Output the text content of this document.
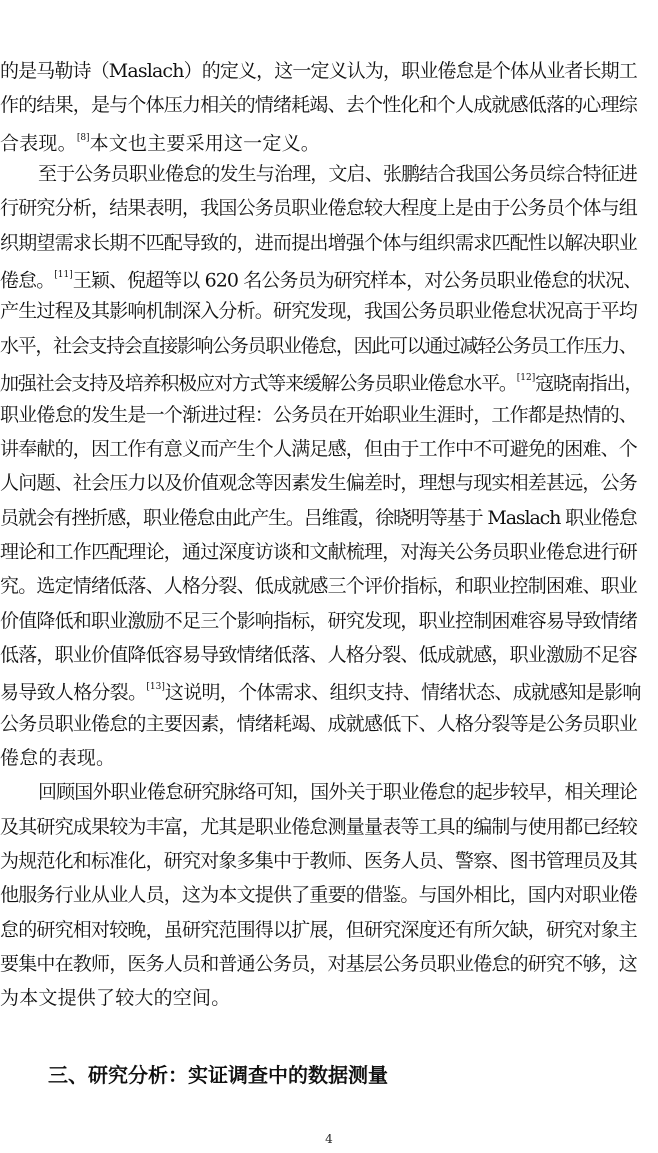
的是马勒诗（Maslach）的定义，这一定义认为，职业倦怠是个体从业者长期工
作的结果，是与个体压力相关的情绪耗竭、去个性化和个人成就感低落的心理综
合表现。[8]本文也主要采用这一定义。
至于公务员职业倦怠的发生与治理，文启、张鹏结合我国公务员综合特征进
行研究分析，结果表明，我国公务员职业倦怠较大程度上是由于公务员个体与组
织期望需求长期不匹配导致的，进而提出增强个体与组织需求匹配性以解决职业
倦怠。[11]王颖、倪超等以 620 名公务员为研究样本，对公务员职业倦怠的状况、
产生过程及其影响机制深入分析。研究发现，我国公务员职业倦怠状况高于平均
水平，社会支持会直接影响公务员职业倦怠，因此可以通过减轻公务员工作压力、
加强社会支持及培养积极应对方式等来缓解公务员职业倦怠水平。[12]寇晓南指出，
职业倦怠的发生是一个渐进过程：公务员在开始职业生涯时，工作都是热情的、
讲奉献的，因工作有意义而产生个人满足感，但由于工作中不可避免的困难、个
人问题、社会压力以及价值观念等因素发生偏差时，理想与现实相差甚远，公务
员就会有挫折感，职业倦怠由此产生。吕维霞，徐晓明等基于 Maslach 职业倦怠
理论和工作匹配理论，通过深度访谈和文献梳理，对海关公务员职业倦怠进行研
究。选定情绪低落、人格分裂、低成就感三个评价指标，和职业控制困难、职业
价值降低和职业激励不足三个影响指标，研究发现，职业控制困难容易导致情绪
低落，职业价值降低容易导致情绪低落、人格分裂、低成就感，职业激励不足容
易导致人格分裂。[13]这说明，个体需求、组织支持、情绪状态、成就感知是影响
公务员职业倦怠的主要因素，情绪耗竭、成就感低下、人格分裂等是公务员职业
倦怠的表现。
回顾国外职业倦怠研究脉络可知，国外关于职业倦怠的起步较早，相关理论
及其研究成果较为丰富，尤其是职业倦怠测量量表等工具的编制与使用都已经较
为规范化和标准化，研究对象多集中于教师、医务人员、警察、图书管理员及其
他服务行业从业人员，这为本文提供了重要的借鉴。与国外相比，国内对职业倦
怠的研究相对较晚，虽研究范围得以扩展，但研究深度还有所欠缺，研究对象主
要集中在教师，医务人员和普通公务员，对基层公务员职业倦怠的研究不够，这
为本文提供了较大的空间。
三、研究分析：实证调查中的数据测量
4
